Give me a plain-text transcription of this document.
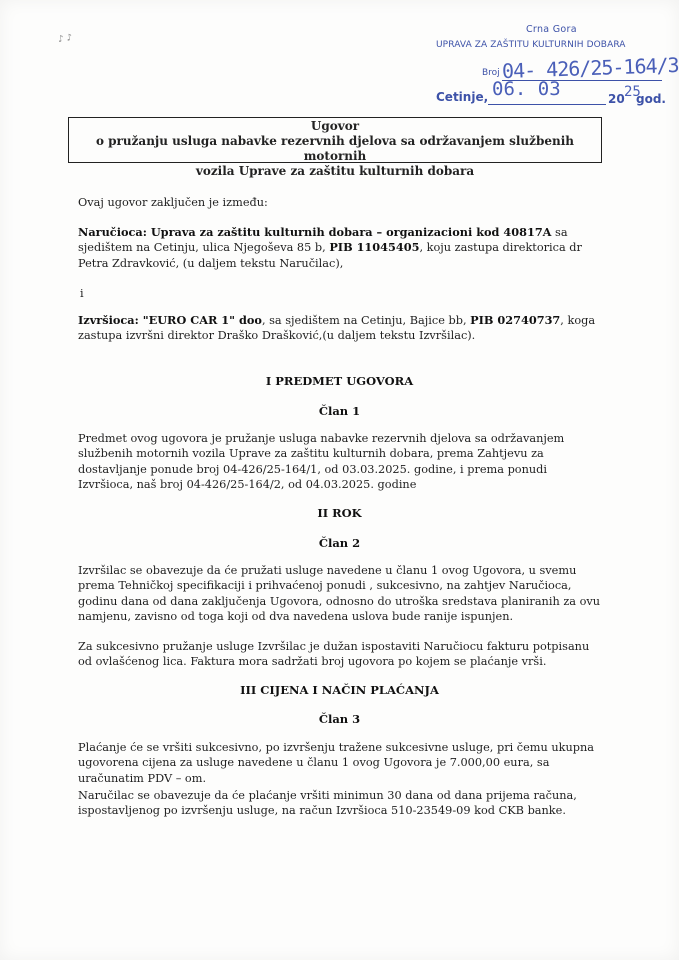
♪ ♪
Crna Gora
UPRAVA ZA ZAŠTITU KULTURNIH DOBARA
Broj 04- 426/25-164/3
Cetinje, 06. 03	20 25
god.
Ugovor
o pružanju usluga nabavke rezervnih djelova sa održavanjem službenih motornih
vozila Uprave za zaštitu kulturnih dobara
Ovaj ugovor zaključen je između:
Naručioca: Uprava za zaštitu kulturnih dobara – organizacioni kod 40817A sa sjedištem na Cetinju, ulica Njegoševa 85 b, PIB 11045405, koju zastupa direktorica dr Petra Zdravković, (u daljem tekstu Naručilac),
i
Izvršioca: "EURO CAR 1" doo, sa sjedištem na Cetinju, Bajice bb, PIB 02740737, koga zastupa izvršni direktor Draško Drašković,(u daljem tekstu Izvršilac).
I PREDMET UGOVORA
Član 1
Predmet ovog ugovora je pružanje usluga nabavke rezervnih djelova sa održavanjem službenih motornih vozila Uprave za zaštitu kulturnih dobara, prema Zahtjevu za dostavljanje ponude broj 04-426/25-164/1, od 03.03.2025. godine, i prema ponudi Izvršioca, naš broj 04-426/25-164/2, od 04.03.2025. godine
II ROK
Član 2
Izvršilac se obavezuje da će pružati usluge navedene u članu 1 ovog Ugovora, u svemu prema Tehničkoj specifikaciji i prihvaćenoj ponudi , sukcesivno, na zahtjev Naručioca, godinu dana od dana zaključenja Ugovora, odnosno do utroška sredstava planiranih za ovu namjenu, zavisno od toga koji od dva navedena uslova bude ranije ispunjen.
Za sukcesivno pružanje usluge Izvršilac je dužan ispostaviti Naručiocu fakturu potpisanu od ovlašćenog lica. Faktura mora sadržati broj ugovora po kojem se plaćanje vrši.
III CIJENA I NAČIN PLAĆANJA
Član 3
Plaćanje će se vršiti sukcesivno, po izvršenju tražene sukcesivne usluge, pri čemu ukupna ugovorena cijena za usluge navedene u članu 1 ovog Ugovora je 7.000,00 eura, sa uračunatim PDV – om.
Naručilac se obavezuje da će plaćanje vršiti minimun 30 dana od dana prijema računa, ispostavljenog po izvršenju usluge, na račun Izvršioca 510-23549-09 kod CKB banke.
